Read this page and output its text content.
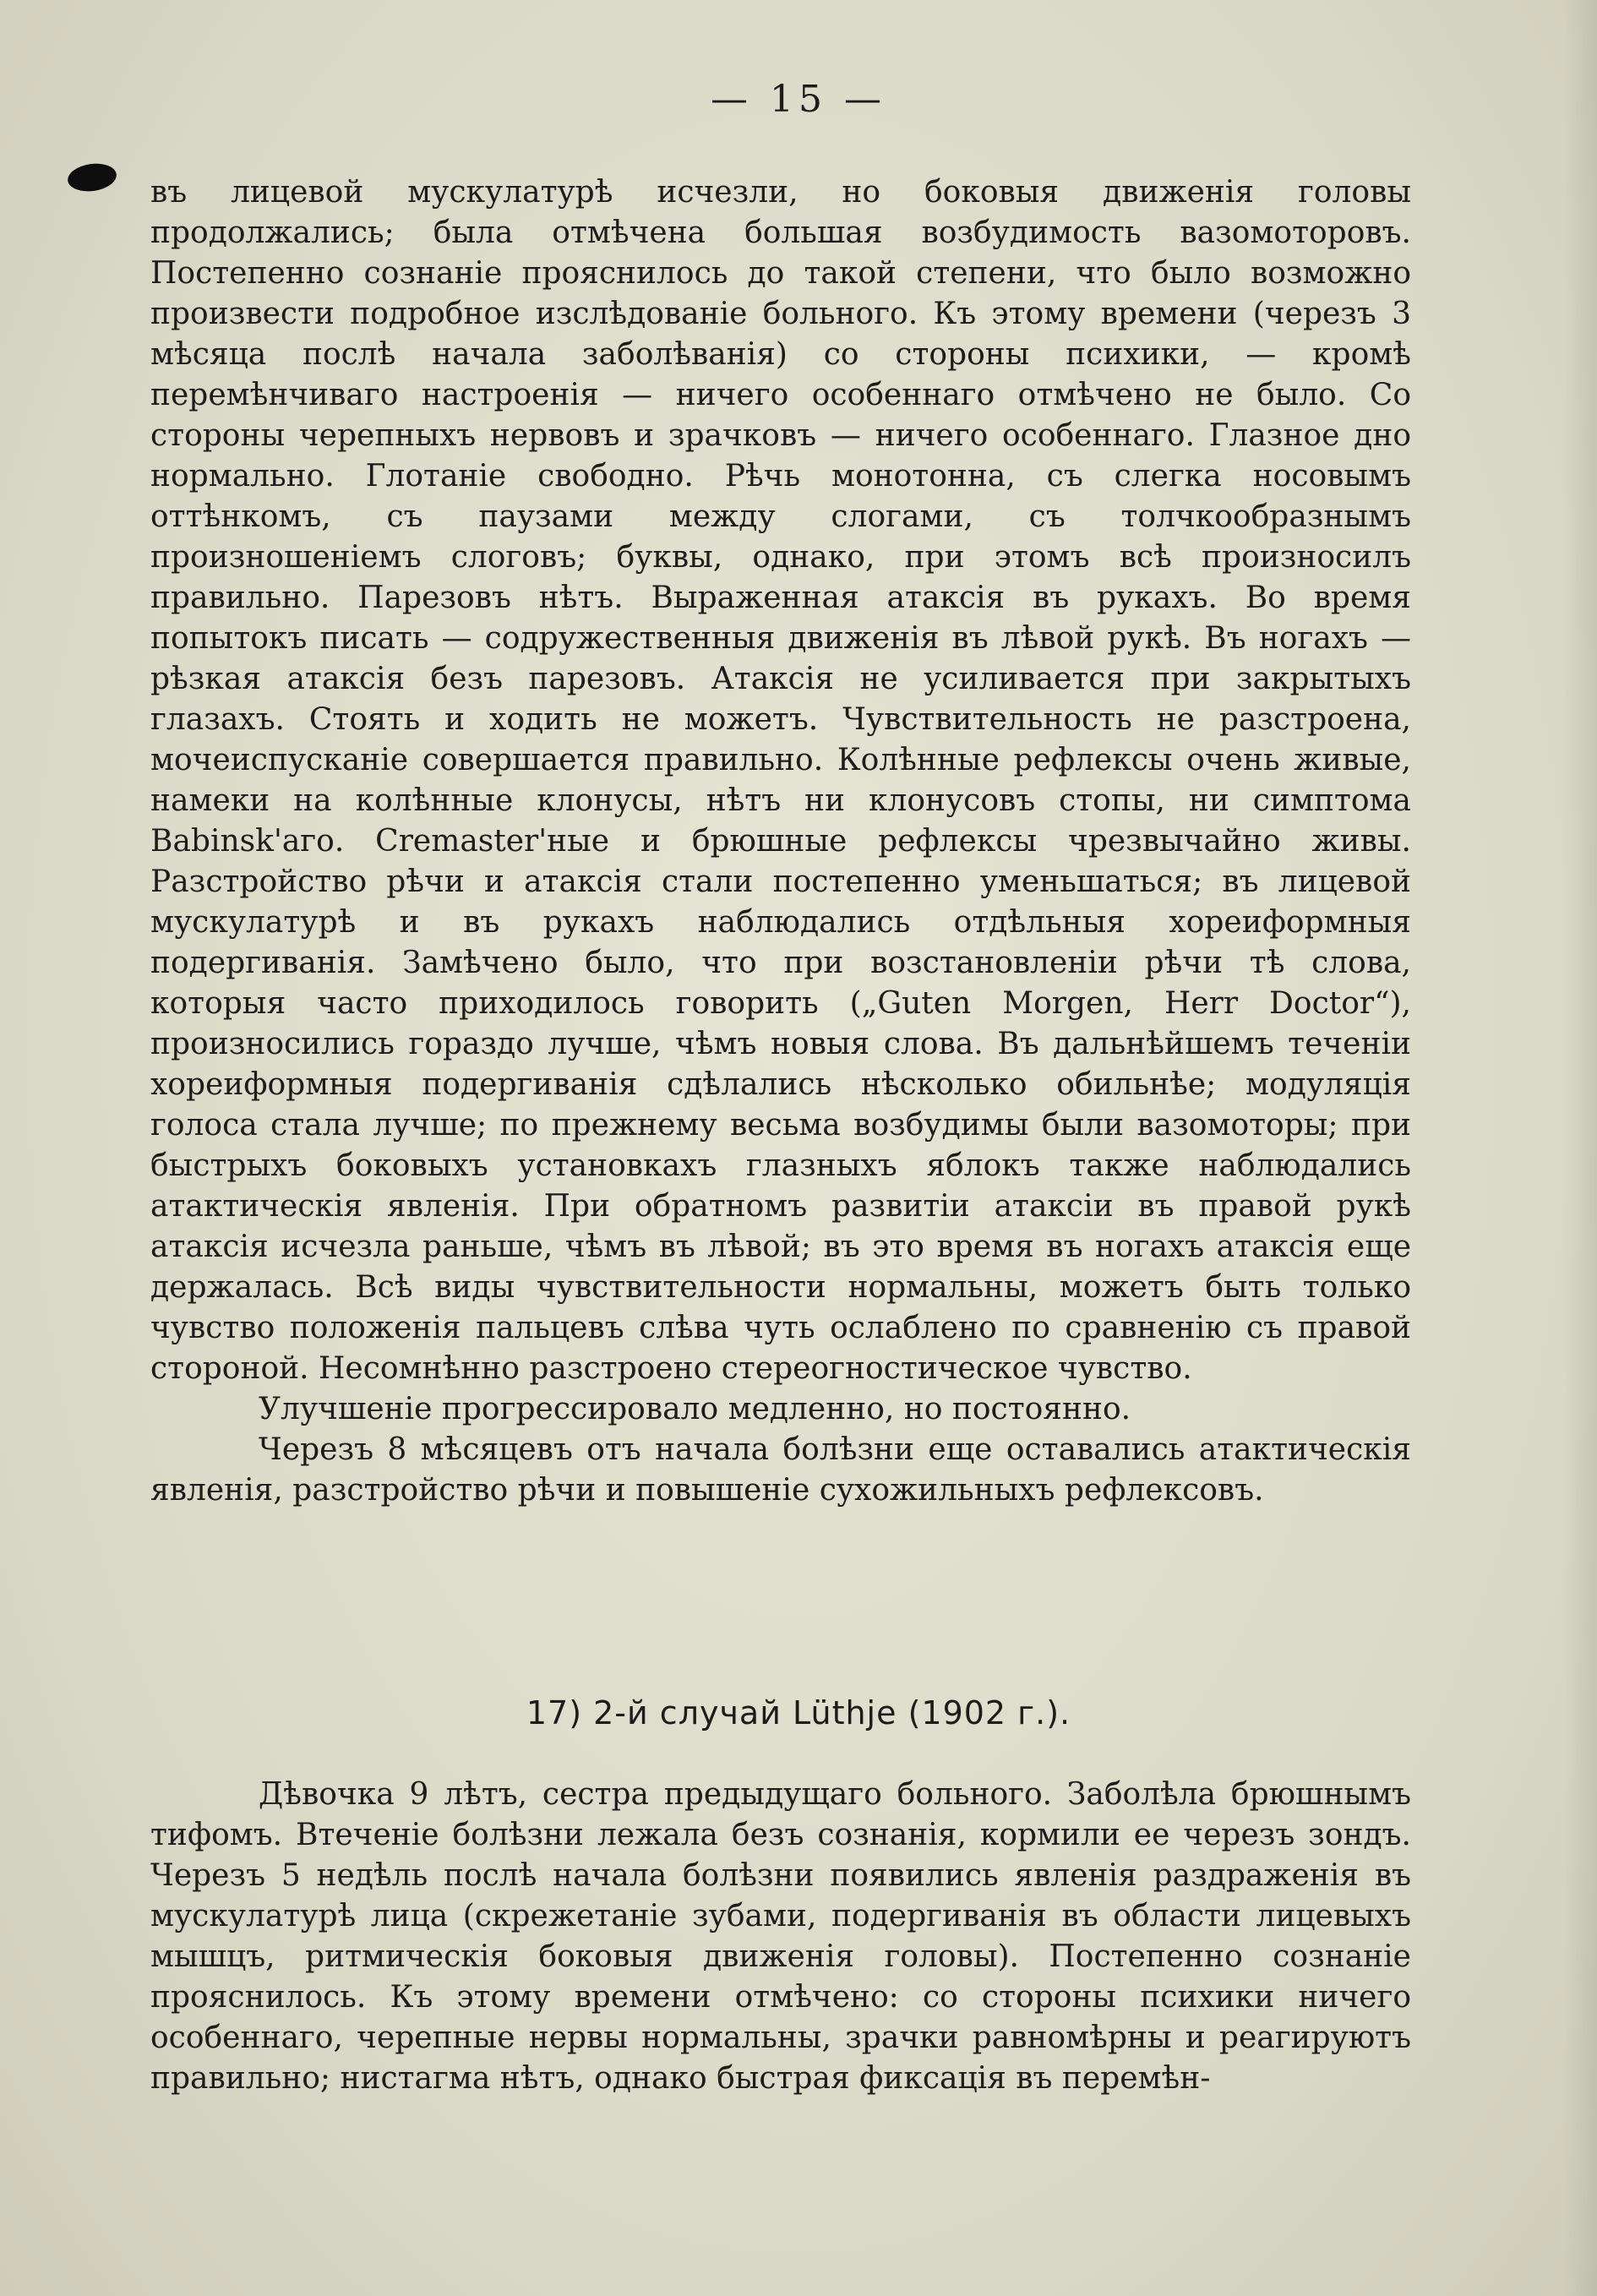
— 15 —

въ лицевой мускулатурѣ исчезли, но боковыя движенія головы продолжались; была отмѣчена большая возбудимость вазомоторовъ. Постепенно сознаніе прояснилось до такой степени, что было возможно произвести подробное изслѣдованіе больного. Къ этому времени (черезъ 3 мѣсяца послѣ начала заболѣванія) со стороны психики, — кромѣ перемѣнчиваго настроенія — ничего особеннаго отмѣчено не было. Со стороны черепныхъ нервовъ и зрачковъ — ничего особеннаго. Глазное дно нормально. Глотаніе свободно. Рѣчь монотонна, съ слегка носовымъ оттѣнкомъ, съ паузами между слогами, съ толчкообразнымъ произношеніемъ слоговъ; буквы, однако, при этомъ всѣ произносилъ правильно. Парезовъ нѣтъ. Выраженная атаксія въ рукахъ. Во время попытокъ писать — содружественныя движенія въ лѣвой рукѣ. Въ ногахъ — рѣзкая атаксія безъ парезовъ. Атаксія не усиливается при закрытыхъ глазахъ. Стоять и ходить не можетъ. Чувствительность не разстроена, мочеиспусканіе совершается правильно. Колѣнные рефлексы очень живые, намеки на колѣнные клонусы, нѣтъ ни клонусовъ стопы, ни симптома Babinsk'аго. Cremaster'ные и брюшные рефлексы чрезвычайно живы. Разстройство рѣчи и атаксія стали постепенно уменьшаться; въ лицевой мускулатурѣ и въ рукахъ наблюдались отдѣльныя хореиформныя подергиванія. Замѣчено было, что при возстановленіи рѣчи тѣ слова, которыя часто приходилось говорить („Guten Morgen, Herr Doctor“), произносились гораздо лучше, чѣмъ новыя слова. Въ дальнѣйшемъ теченіи хореиформныя подергиванія сдѣлались нѣсколько обильнѣе; модуляція голоса стала лучше; по прежнему весьма возбудимы были вазомоторы; при быстрыхъ боковыхъ установкахъ глазныхъ яблокъ также наблюдались атактическія явленія. При обратномъ развитіи атаксіи въ правой рукѣ атаксія исчезла раньше, чѣмъ въ лѣвой; въ это время въ ногахъ атаксія еще держалась. Всѣ виды чувствительности нормальны, можетъ быть только чувство положенія пальцевъ слѣва чуть ослаблено по сравненію съ правой стороной. Несомнѣнно разстроено стереогностическое чувство.

Улучшеніе прогрессировало медленно, но постоянно.

Черезъ 8 мѣсяцевъ отъ начала болѣзни еще оставались атактическія явленія, разстройство рѣчи и повышеніе сухожильныхъ рефлексовъ.

17) 2-й случай Lüthje (1902 г.).

Дѣвочка 9 лѣтъ, сестра предыдущаго больного. Заболѣла брюшнымъ тифомъ. Втеченіе болѣзни лежала безъ сознанія, кормили ее черезъ зондъ. Черезъ 5 недѣль послѣ начала болѣзни появились явленія раздраженія въ мускулатурѣ лица (скрежетаніе зубами, подергиванія въ области лицевыхъ мышцъ, ритмическія боковыя движенія головы). Постепенно сознаніе прояснилось. Къ этому времени отмѣчено: со стороны психики ничего особеннаго, черепные нервы нормальны, зрачки равномѣрны и реагируютъ правильно; нистагма нѣтъ, однако быстрая фиксація въ перемѣн-
